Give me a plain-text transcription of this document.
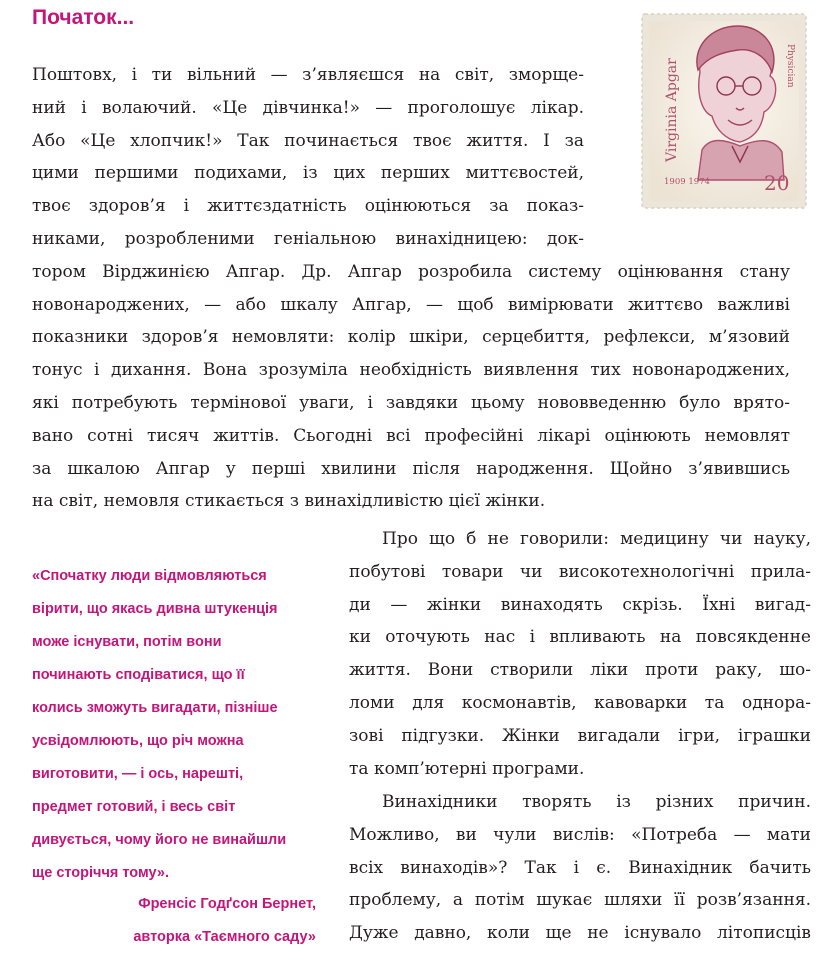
Початок...
Virginia Apgar	Physician
1909 1974	20

Поштовх, і ти вільний — з’являєшся на світ, зморще-
ний і волаючий. «Це дівчинка!» — проголошує лікар.
Або «Це хлопчик!» Так починається твоє життя. І за
цими першими подихами, із цих перших миттєвостей,
твоє здоров’я і життєздатність оцінюються за показ-
никами, розробленими геніальною винахідницею: док-
тором Вірджинією Апгар. Др. Апгар розробила систему оцінювання стану
новонароджених, — або шкалу Апгар, — щоб вимірювати життєво важливі
показники здоров’я немовляти: колір шкіри, серцебиття, рефлекси, м’язовий
тонус і дихання. Вона зрозуміла необхідність виявлення тих новонароджених,
які потребують термінової уваги, і завдяки цьому нововведенню було врято-
вано сотні тисяч життів. Сьогодні всі професійні лікарі оцінюють немовлят
за шкалою Апгар у перші хвилини після народження. Щойно з’явившись
на світ, немовля стикається з винахідливістю цієї жінки.

«Спочатку люди відмовляються
вірити, що якась дивна штукенція
може існувати, потім вони
починають сподіватися, що її
колись зможуть вигадати, пізніше
усвідомлюють, що річ можна
виготовити, — і ось, нарешті,
предмет готовий, і весь світ
дивується, чому його не винайшли
ще сторіччя тому».
Френсіс Годґсон Бернет,
авторка «Таємного саду»

Про що б не говорили: медицину чи науку,
побутові товари чи високотехнологічні прила-
ди — жінки винаходять скрізь. Їхні вигад-
ки оточують нас і впливають на повсякденне
життя. Вони створили ліки проти раку, шо-
ломи для космонавтів, кавоварки та однора-
зові підгузки. Жінки вигадали ігри, іграшки
та комп’ютерні програми.

Винахідники творять із різних причин.
Можливо, ви чули вислів: «Потреба — мати
всіх винаходів»? Так і є. Винахідник бачить
проблему, а потім шукає шляхи її розв’язання.
Дуже давно, коли ще не існувало літописців
